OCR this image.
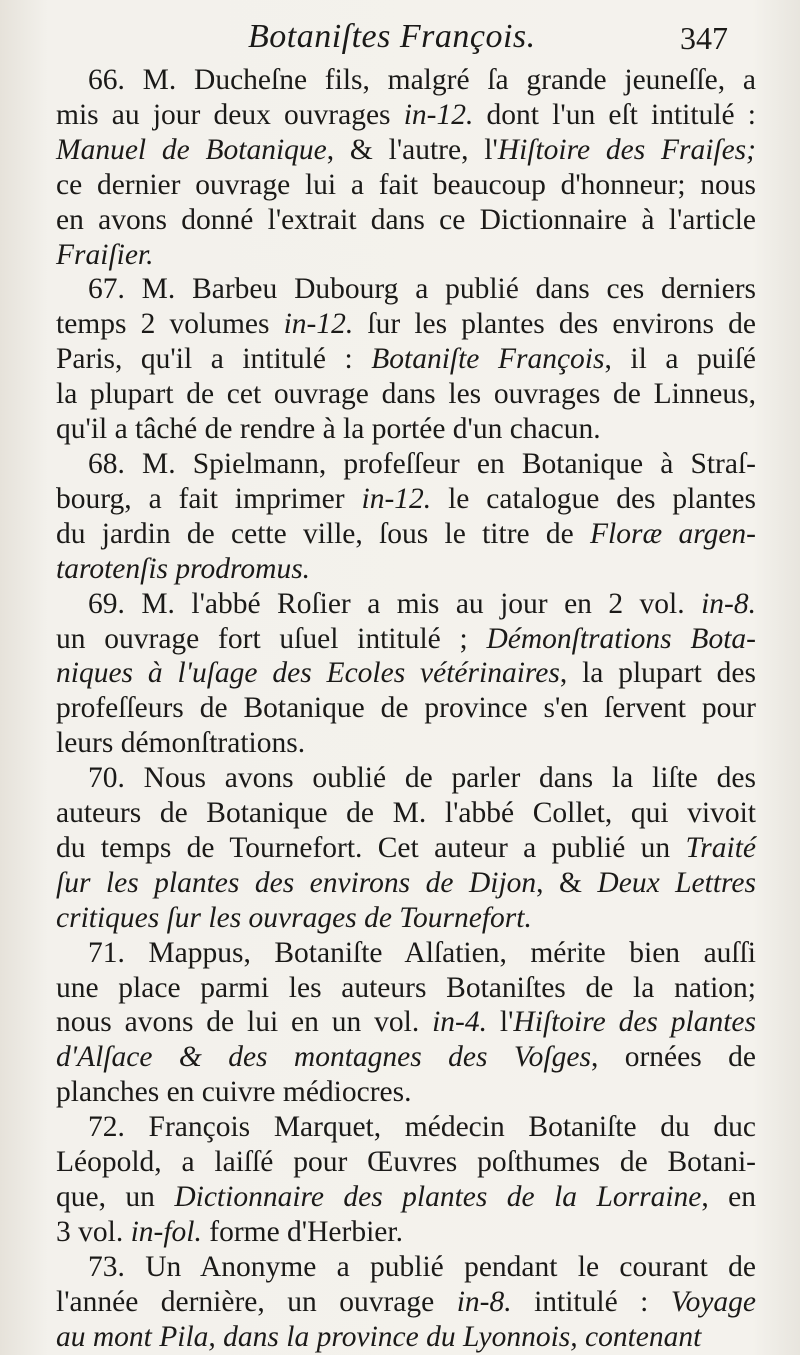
Botaniſtes François.	347
66. M. Ducheſne fils, malgré ſa grande jeuneſſe, a
mis au jour deux ouvrages in-12. dont l'un eſt intitulé :
Manuel de Botanique, & l'autre, l'Hiſtoire des Fraiſes;
ce dernier ouvrage lui a fait beaucoup d'honneur; nous
en avons donné l'extrait dans ce Dictionnaire à l'article
Fraiſier.
67. M. Barbeu Dubourg a publié dans ces derniers
temps 2 volumes in-12. ſur les plantes des environs de
Paris, qu'il a intitulé : Botaniſte François, il a puiſé
la plupart de cet ouvrage dans les ouvrages de Linneus,
qu'il a tâché de rendre à la portée d'un chacun.
68. M. Spielmann, profeſſeur en Botanique à Straſ-
bourg, a fait imprimer in-12. le catalogue des plantes
du jardin de cette ville, ſous le titre de Floræ argen-
tarotenſis prodromus.
69. M. l'abbé Roſier a mis au jour en 2 vol. in-8.
un ouvrage fort uſuel intitulé ; Démonſtrations Bota-
niques à l'uſage des Ecoles vétérinaires, la plupart des
profeſſeurs de Botanique de province s'en ſervent pour
leurs démonſtrations.
70. Nous avons oublié de parler dans la liſte des
auteurs de Botanique de M. l'abbé Collet, qui vivoit
du temps de Tournefort. Cet auteur a publié un Traité
ſur les plantes des environs de Dijon, & Deux Lettres
critiques ſur les ouvrages de Tournefort.
71. Mappus, Botaniſte Alſatien, mérite bien auſſi
une place parmi les auteurs Botaniſtes de la nation;
nous avons de lui en un vol. in-4. l'Hiſtoire des plantes
d'Alſace & des montagnes des Voſges, ornées de
planches en cuivre médiocres.
72. François Marquet, médecin Botaniſte du duc
Léopold, a laiſſé pour Œuvres poſthumes de Botani-
que, un Dictionnaire des plantes de la Lorraine, en
3 vol. in-fol. forme d'Herbier.
73. Un Anonyme a publié pendant le courant de
l'année dernière, un ouvrage in-8. intitulé : Voyage
au mont Pila, dans la province du Lyonnois, contenant
